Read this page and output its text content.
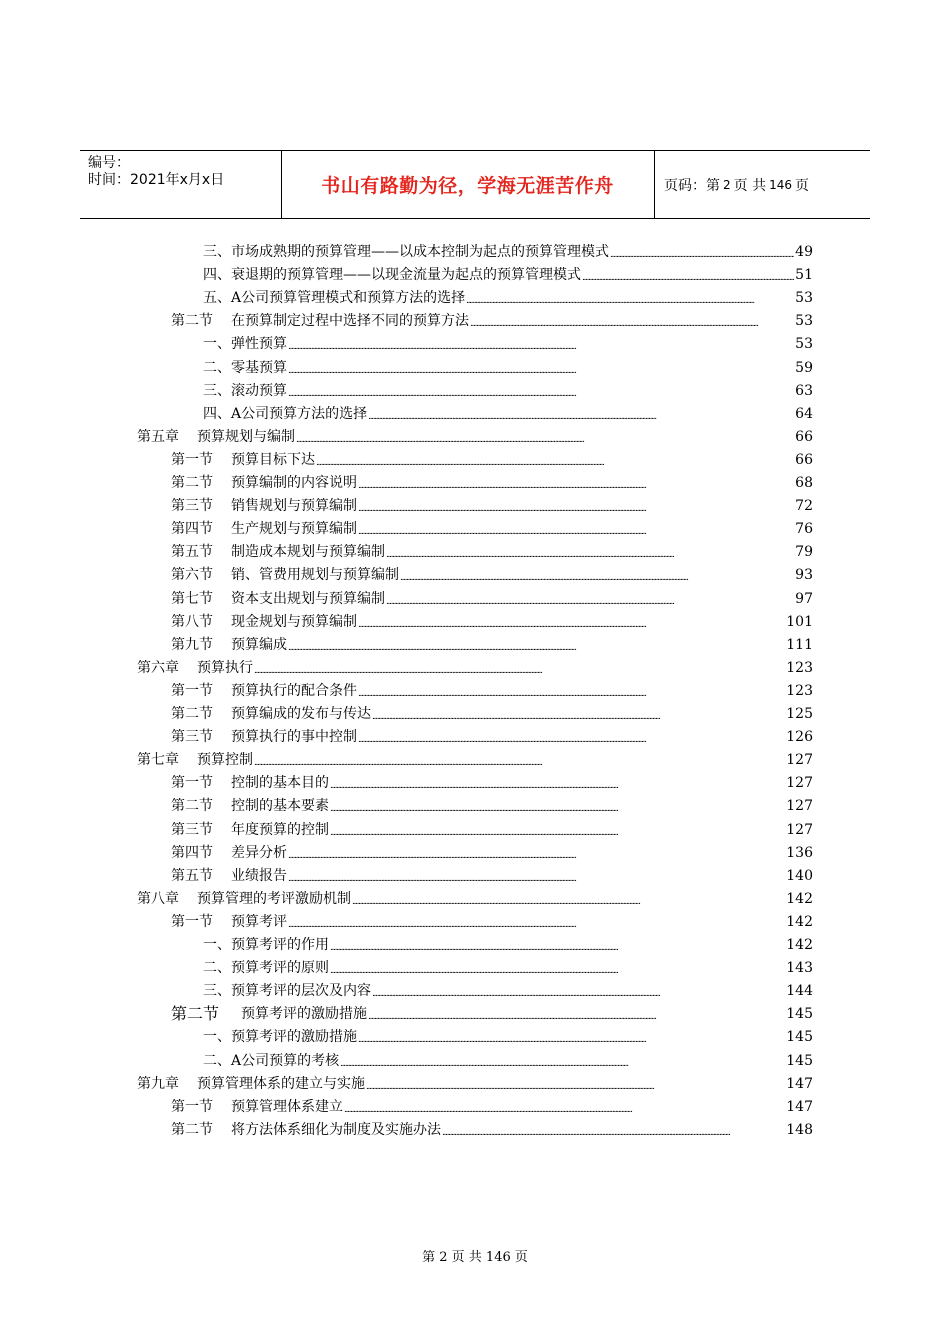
编号：
时间：2021年x月x日	书山有路勤为径，学海无涯苦作舟	页码：第 2 页 共 146 页
三、 市场成熟期的预算管理——以成本控制为起点的预算管理模式 . . .	49
四、 衰退期的预算管理——以现金流量为起点的预算管理模式 . . .	51
五、 A公司预算管理模式和预算方法的选择 . . .	53
第二节 在预算制定过程中选择不同的预算方法 . . .	53
一、 弹性预算 . . .	53
二、 零基预算 . . .	59
三、 滚动预算 . . .	63
四、 A公司预算方法的选择 . . .	64
第五章 预算规划与编制 . . .	66
第一节 预算目标下达 . . .	66
第二节 预算编制的内容说明 . . .	68
第三节 销售规划与预算编制 . . .	72
第四节 生产规划与预算编制 . . .	76
第五节 制造成本规划与预算编制 . . .	79
第六节 销、管费用规划与预算编制 . . .	93
第七节 资本支出规划与预算编制 . . .	97
第八节 现金规划与预算编制 . . .	101
第九节 预算编成 . . .	111
第六章 预算执行 . . .	123
第一节 预算执行的配合条件 . . .	123
第二节 预算编成的发布与传达 . . .	125
第三节 预算执行的事中控制 . . .	126
第七章 预算控制 . . .	127
第一节 控制的基本目的 . . .	127
第二节 控制的基本要素 . . .	127
第三节 年度预算的控制 . . .	127
第四节 差异分析 . . .	136
第五节 业绩报告 . . .	140
第八章 预算管理的考评激励机制 . . .	142
第一节 预算考评 . . .	142
一、 预算考评的作用 . . .	142
二、 预算考评的原则 . . .	143
三、 预算考评的层次及内容 . . .	144
第二节 预算考评的激励措施 . . .	145
一、 预算考评的激励措施 . . .	145
二、 A公司预算的考核 . . .	145
第九章 预算管理体系的建立与实施 . . .	147
第一节 预算管理体系建立 . . .	147
第二节 将方法体系细化为制度及实施办法 . . .	148
第 2 页 共 146 页
